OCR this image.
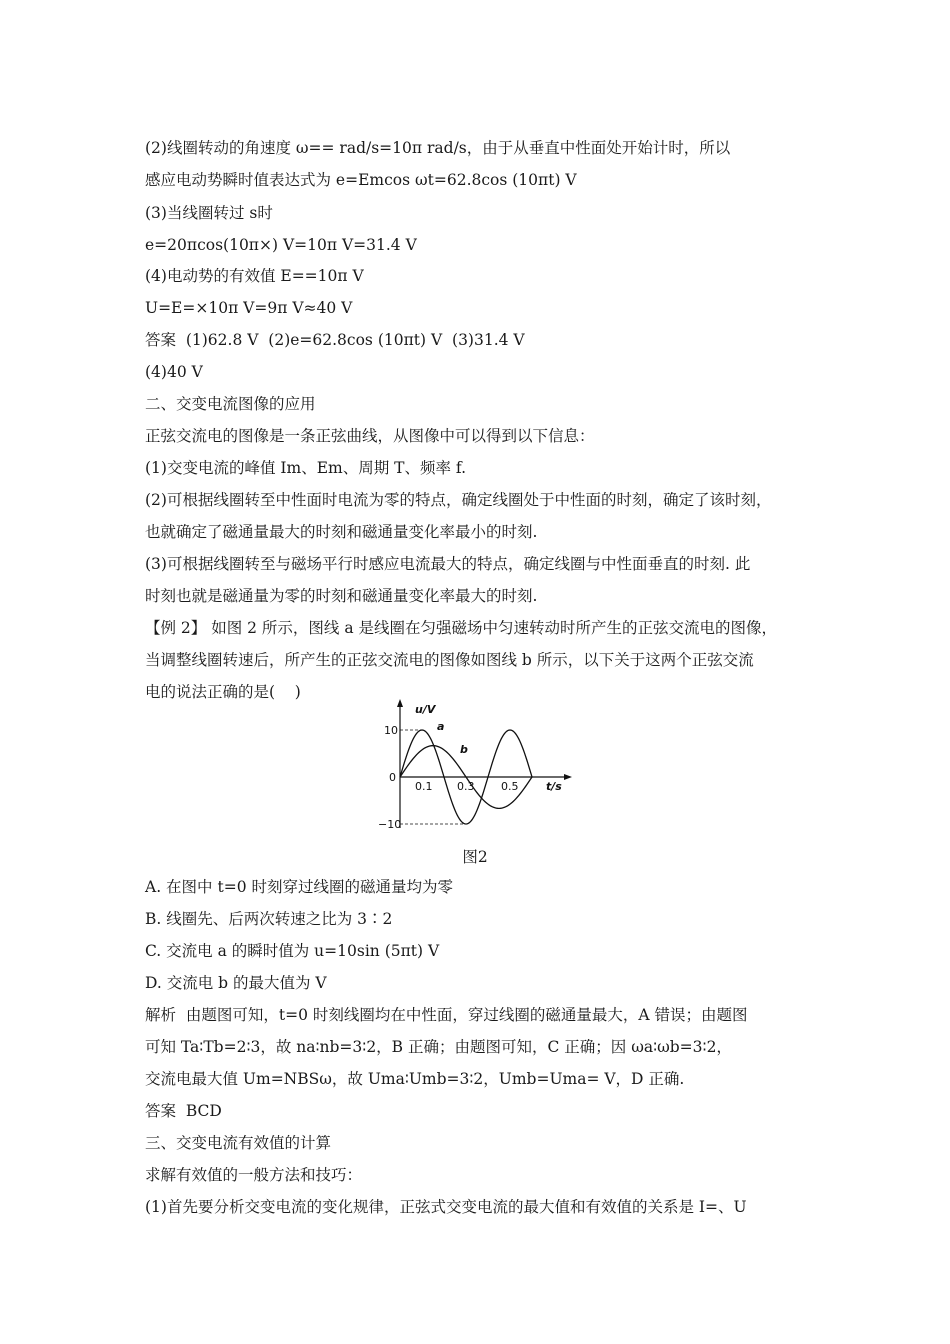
(2)线圈转动的角速度 ω== rad/s=10π rad/s，由于从垂直中性面处开始计时，所以
感应电动势瞬时值表达式为 e=Emcos ωt=62.8cos (10πt) V
(3)当线圈转过 s时
e=20πcos(10π×) V=10π V=31.4 V
(4)电动势的有效值 E==10π V
U=E=×10π V=9π V≈40 V
答案  (1)62.8 V  (2)e=62.8cos (10πt) V  (3)31.4 V
(4)40 V
二、交变电流图像的应用
正弦交流电的图像是一条正弦曲线，从图像中可以得到以下信息：
(1)交变电流的峰值 Im、Em、周期 T、频率 f.
(2)可根据线圈转至中性面时电流为零的特点，确定线圈处于中性面的时刻，确定了该时刻，
也就确定了磁通量最大的时刻和磁通量变化率最小的时刻.
(3)可根据线圈转至与磁场平行时感应电流最大的特点，确定线圈与中性面垂直的时刻. 此
时刻也就是磁通量为零的时刻和磁通量变化率最大的时刻.
【例 2】 如图 2 所示，图线 a 是线圈在匀强磁场中匀速转动时所产生的正弦交流电的图像，
当调整线圈转速后，所产生的正弦交流电的图像如图线 b 所示，以下关于这两个正弦交流
电的说法正确的是(    )
u/V
t/s
10
0
−10
0.1 0.3 0.5
a
b
图2
A. 在图中 t=0 时刻穿过线圈的磁通量均为零
B. 线圈先、后两次转速之比为 3∶2
C. 交流电 a 的瞬时值为 u=10sin (5πt) V
D. 交流电 b 的最大值为 V
解析  由题图可知，t=0 时刻线圈均在中性面，穿过线圈的磁通量最大，A 错误；由题图
可知 Ta∶Tb=2∶3，故 na∶nb=3∶2，B 正确；由题图可知，C 正确；因 ωa∶ωb=3∶2，
交流电最大值 Um=NBSω，故 Uma∶Umb=3∶2，Umb=Uma= V，D 正确.
答案  BCD
三、交变电流有效值的计算
求解有效值的一般方法和技巧：
(1)首先要分析交变电流的变化规律，正弦式交变电流的最大值和有效值的关系是 I=、U
